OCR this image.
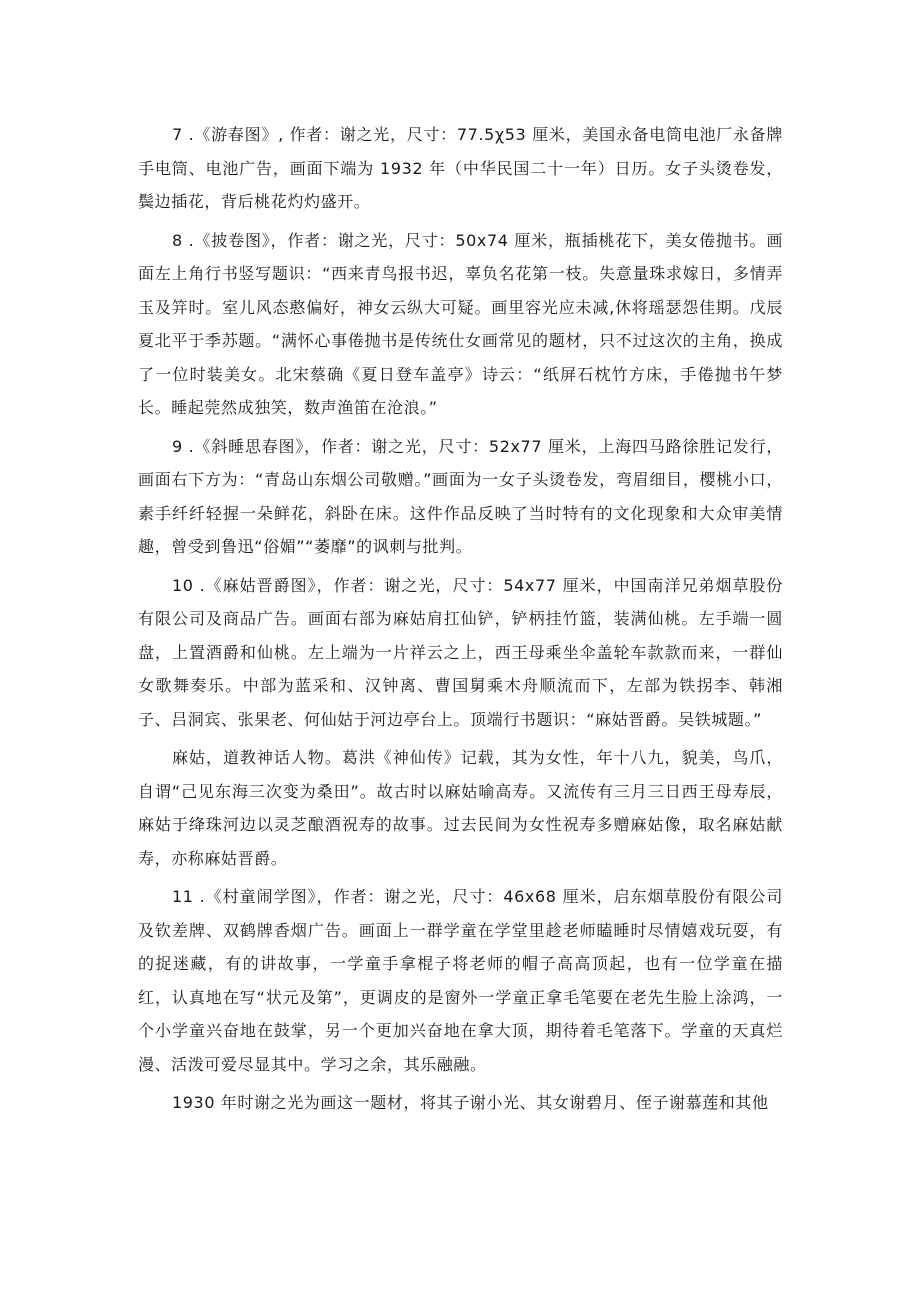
7 .《游春图》, 作者：谢之光，尺寸：77.5χ53 厘米，美国永备电筒电池厂永备牌手电筒、电池广告，画面下端为 1932 年（中华民国二十一年）日历。女子头烫卷发，鬓边插花，背后桃花灼灼盛开。

8 .《披卷图》，作者：谢之光，尺寸：50x74 厘米，瓶插桃花下，美女倦抛书。画面左上角行书竖写题识：“西来青鸟报书迟，辜负名花第一枝。失意量珠求嫁日，多情弄玉及笄时。室儿风态憨偏好，神女云纵大可疑。画里容光应未减,休将瑶瑟怨佳期。戊辰夏北平于季苏题。“满怀心事倦抛书是传统仕女画常见的题材，只不过这次的主角，换成了一位时装美女。北宋蔡确《夏日登车盖亭》诗云：“纸屏石枕竹方床，手倦抛书午梦长。睡起莞然成独笑，数声渔笛在沧浪。”

9 .《斜睡思春图》，作者：谢之光，尺寸：52x77 厘米，上海四马路徐胜记发行，画面右下方为：“青岛山东烟公司敬赠。”画面为一女子头烫卷发，弯眉细目，樱桃小口，素手纤纤轻握一朵鲜花，斜卧在床。这件作品反映了当时特有的文化现象和大众审美情趣，曾受到鲁迅“俗媚”“萎靡”的讽刺与批判。

10 .《麻姑晋爵图》，作者：谢之光，尺寸：54x77 厘米，中国南洋兄弟烟草股份有限公司及商品广告。画面右部为麻姑肩扛仙铲，铲柄挂竹篮，装满仙桃。左手端一圆盘，上置酒爵和仙桃。左上端为一片祥云之上，西王母乘坐伞盖轮车款款而来，一群仙女歌舞奏乐。中部为蓝采和、汉钟离、曹国舅乘木舟顺流而下，左部为铁拐李、韩湘子、吕洞宾、张果老、何仙姑于河边亭台上。顶端行书题识：“麻姑晋爵。吴铁城题。”

麻姑，道教神话人物。葛洪《神仙传》记载，其为女性，年十八九，貌美，鸟爪，自谓“己见东海三次变为桑田”。故古时以麻姑喻高寿。又流传有三月三日西王母寿辰，麻姑于绛珠河边以灵芝酿酒祝寿的故事。过去民间为女性祝寿多赠麻姑像，取名麻姑献寿，亦称麻姑晋爵。

11 .《村童闹学图》，作者：谢之光，尺寸：46x68 厘米，启东烟草股份有限公司及钦差牌、双鹤牌香烟广告。画面上一群学童在学堂里趁老师瞌睡时尽情嬉戏玩耍，有的捉迷藏，有的讲故事，一学童手拿棍子将老师的帽子高高顶起，也有一位学童在描红，认真地在写“状元及第”，更调皮的是窗外一学童正拿毛笔要在老先生脸上涂鸿，一个小学童兴奋地在鼓掌，另一个更加兴奋地在拿大顶，期待着毛笔落下。学童的天真烂漫、活泼可爱尽显其中。学习之余，其乐融融。

1930 年时谢之光为画这一题材，将其子谢小光、其女谢碧月、侄子谢慕莲和其他
